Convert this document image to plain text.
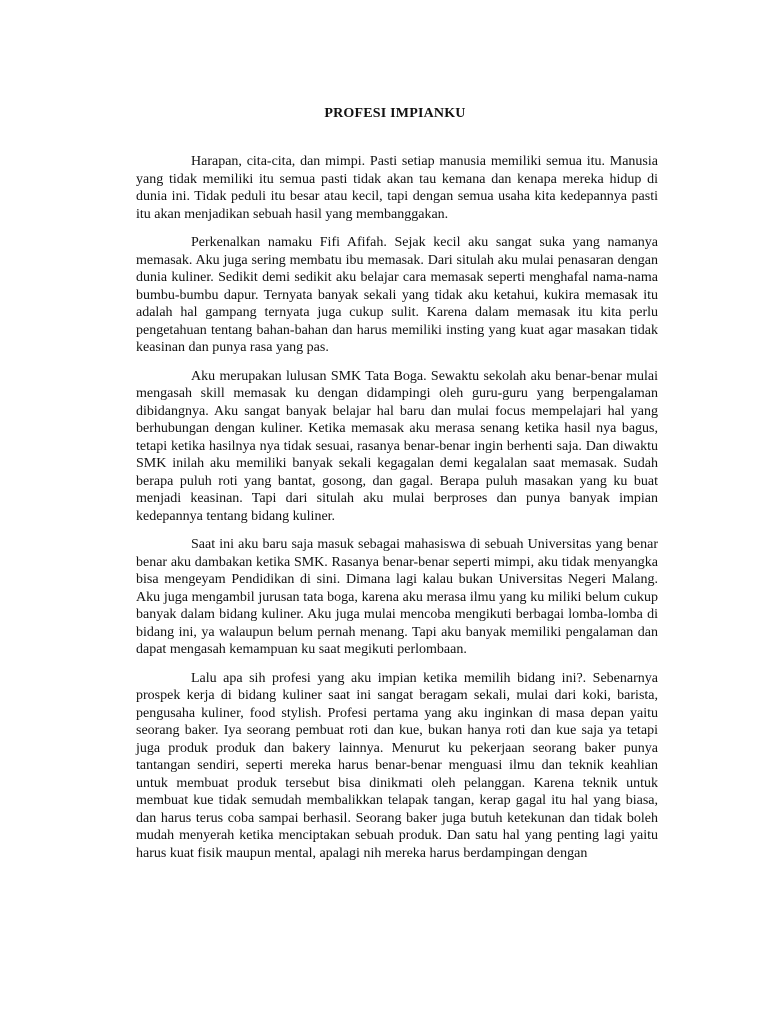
PROFESI IMPIANKU

Harapan, cita-cita, dan mimpi. Pasti setiap manusia memiliki semua itu. Manusia yang tidak memiliki itu semua pasti tidak akan tau kemana dan kenapa mereka hidup di dunia ini. Tidak peduli itu besar atau kecil, tapi dengan semua usaha kita kedepannya pasti itu akan menjadikan sebuah hasil yang membanggakan.

Perkenalkan namaku Fifi Afifah. Sejak kecil aku sangat suka yang namanya memasak. Aku juga sering membatu ibu memasak. Dari situlah aku mulai penasaran dengan dunia kuliner. Sedikit demi sedikit aku belajar cara memasak seperti menghafal nama-nama bumbu-bumbu dapur. Ternyata banyak sekali yang tidak aku ketahui, kukira memasak itu adalah hal gampang ternyata juga cukup sulit. Karena dalam memasak itu kita perlu pengetahuan tentang bahan-bahan dan harus memiliki insting yang kuat agar masakan tidak keasinan dan punya rasa yang pas.

Aku merupakan lulusan SMK Tata Boga. Sewaktu sekolah aku benar-benar mulai mengasah skill memasak ku dengan didampingi oleh guru-guru yang berpengalaman dibidangnya. Aku sangat banyak belajar hal baru dan mulai focus mempelajari hal yang berhubungan dengan kuliner. Ketika memasak aku merasa senang ketika hasil nya bagus, tetapi ketika hasilnya nya tidak sesuai, rasanya benar-benar ingin berhenti saja. Dan diwaktu SMK inilah aku memiliki banyak sekali kegagalan demi kegalalan saat memasak. Sudah berapa puluh roti yang bantat, gosong, dan gagal. Berapa puluh masakan yang ku buat menjadi keasinan. Tapi dari situlah aku mulai berproses dan punya banyak impian kedepannya tentang bidang kuliner.

Saat ini aku baru saja masuk sebagai mahasiswa di sebuah Universitas yang benar benar aku dambakan ketika SMK. Rasanya benar-benar seperti mimpi, aku tidak menyangka bisa mengeyam Pendidikan di sini. Dimana lagi kalau bukan Universitas Negeri Malang. Aku juga mengambil jurusan tata boga, karena aku merasa ilmu yang ku miliki belum cukup banyak dalam bidang kuliner. Aku juga mulai mencoba mengikuti berbagai lomba-lomba di bidang ini, ya walaupun belum pernah menang. Tapi aku banyak memiliki pengalaman dan dapat mengasah kemampuan ku saat megikuti perlombaan.

Lalu apa sih profesi yang aku impian ketika memilih bidang ini?. Sebenarnya prospek kerja di bidang kuliner saat ini sangat beragam sekali, mulai dari koki, barista, pengusaha kuliner, food stylish. Profesi pertama yang aku inginkan di masa depan yaitu seorang baker. Iya seorang pembuat roti dan kue, bukan hanya roti dan kue saja ya tetapi juga produk produk dan bakery lainnya. Menurut ku pekerjaan seorang baker punya tantangan sendiri, seperti mereka harus benar-benar menguasi ilmu dan teknik keahlian untuk membuat produk tersebut bisa dinikmati oleh pelanggan. Karena teknik untuk membuat kue tidak semudah membalikkan telapak tangan, kerap gagal itu hal yang biasa, dan harus terus coba sampai berhasil. Seorang baker juga butuh ketekunan dan tidak boleh mudah menyerah ketika menciptakan sebuah produk. Dan satu hal yang penting lagi yaitu harus kuat fisik maupun mental, apalagi nih mereka harus berdampingan dengan
